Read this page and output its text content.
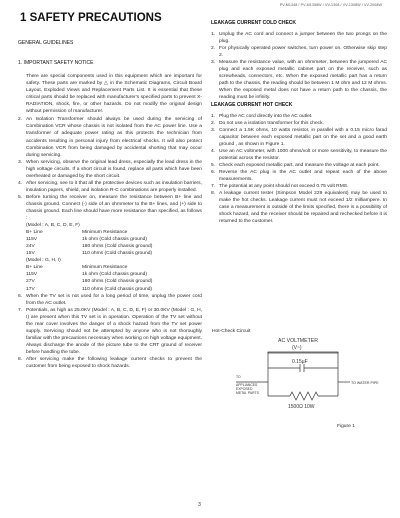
PV-M1348 / PV-M1358W / VV-1308 / VV-1308W / VV-2008W
1 SAFETY PRECAUTIONS
GENERAL GUIDELINES
1. IMPORTANT SAFETY NOTICE
There are special components used in this equipment which are important for safety. These parts are marked by △ in the Schematic Diagrams, Circuit Board Layout, Exploded Views and Replacement Parts List. It is essential that these critical parts should be replaced with manufacturer's specified parts to prevent X-RADIATION, shock, fire, or other hazards. Do not modify the original design without permission of manufacturer.
2. An Isolation Transformer should always be used during the servicing of Combination VCR whose chassis is not isolated from the AC power line. Use a transformer of adequate power rating as this protects the technician from accidents resulting in personal injury from electrical shocks. It will also protect Combination VCR from being damaged by accidental shorting that may occur during servicing.
3. When servicing, observe the original lead dress, especially the lead dress in the high voltage circuits. If a short circuit is found, replace all parts which have been overheated or damaged by the short circuit.
4. After servicing, see to it that all the protective devices such as insulation barriers, insulation papers, shield, and isolation R-C combinations are properly installed.
5. Before turning the receiver on, measure the resistance between B+ line and chassis ground. Connect (-) side of an ohmmeter to the B+ lines, and (+) side to chassis ground. Each line should have more resistance than specified, as follows :
(Model : A, B, C, D, E, F)
B+ Line	Minimum Resistance
115V	1k ohm (Cold chassis ground)
24V	180 ohms (Cold chassis ground)
15V	110 ohms (Cold chassis ground)
(Model : G, H, I)
B+ Line	Minimum Resistance
115V	1k ohm (Cold chassis ground)
27V	180 ohms (Cold chassis ground)
17V	110 ohms (Cold chassis ground)
6. When the TV set is not used for a long period of time, unplug the power cord from the AC outlet.
7. Potentials, as high as 25.0KV (Model : A, B, C, D, E, F) or 30.0KV (Model : G, H, I) are present when this TV set is in operation. Operation of the TV set without the rear cover involves the danger of a shock hazard from the TV set power supply. Servicing should not be attempted by anyone who is not thoroughly familiar with the precautions necessary when working on high voltage equipment. Always discharge the anode of the picture tube to the CRT ground of receiver before handling the tube.
8. After servicing make the following leakage current checks to prevent the customer from being exposed to shock hazards.
LEAKAGE CURRENT COLD CHECK
1. Unplug the AC cord and connect a jumper between the two prongs on the plug.
2. For physically operated power switches, turn power on. Otherwise skip step 2.
3. Measure the resistance value, with an ohmmeter, between the jumpered AC plug and each exposed metallic cabinet part on the receiver, such as screwheads, connectors, etc. When the exposed metallic part has a return path to the chassis, the reading should be between 1 M ohm and 12 M ohms. When the exposed metal does not have a return path to the chassis, the reading must be infinity.
LEAKAGE CURRENT HOT CHECK
1. Plug the AC cord directly into the AC outlet.
2. Do not use a isolation transformer for this check.
3. Connect a 1.5K ohms, 10 watts resistor, in parallel with a 0.15 micro farad capacitor between each exposed metallic part on the set and a good earth ground , as shown in Figure 1.
4. Use an AC voltmeter, with 1000 ohms/volt or more sensitivity, to measure the potential across the resistor.
5. Check each exposed metallic part, and measure the voltage at each point.
6. Reverse the AC plug in the AC outlet and repeat each of the above measurements.
7. The potential at any point should not exceed 0.75 volt RMS.
8. A leakage current tester (Simpson Model 229 equivalent) may be used to make the hot checks. Leakage current must not exceed 1/2 milliampere. In case a measurement is outside of the limits specified, there is a possibility of shock hazard, and the receiver should be repaired and rechecked before it is returned to the customer.
Hot-Check Circuit
AC VOLTMETER
(V~)
0.15µF
1500Ω 10W
TO
APPLIANCES
EXPOSED
METAL PARTS
TO WATER PIPE
Figure 1
3
